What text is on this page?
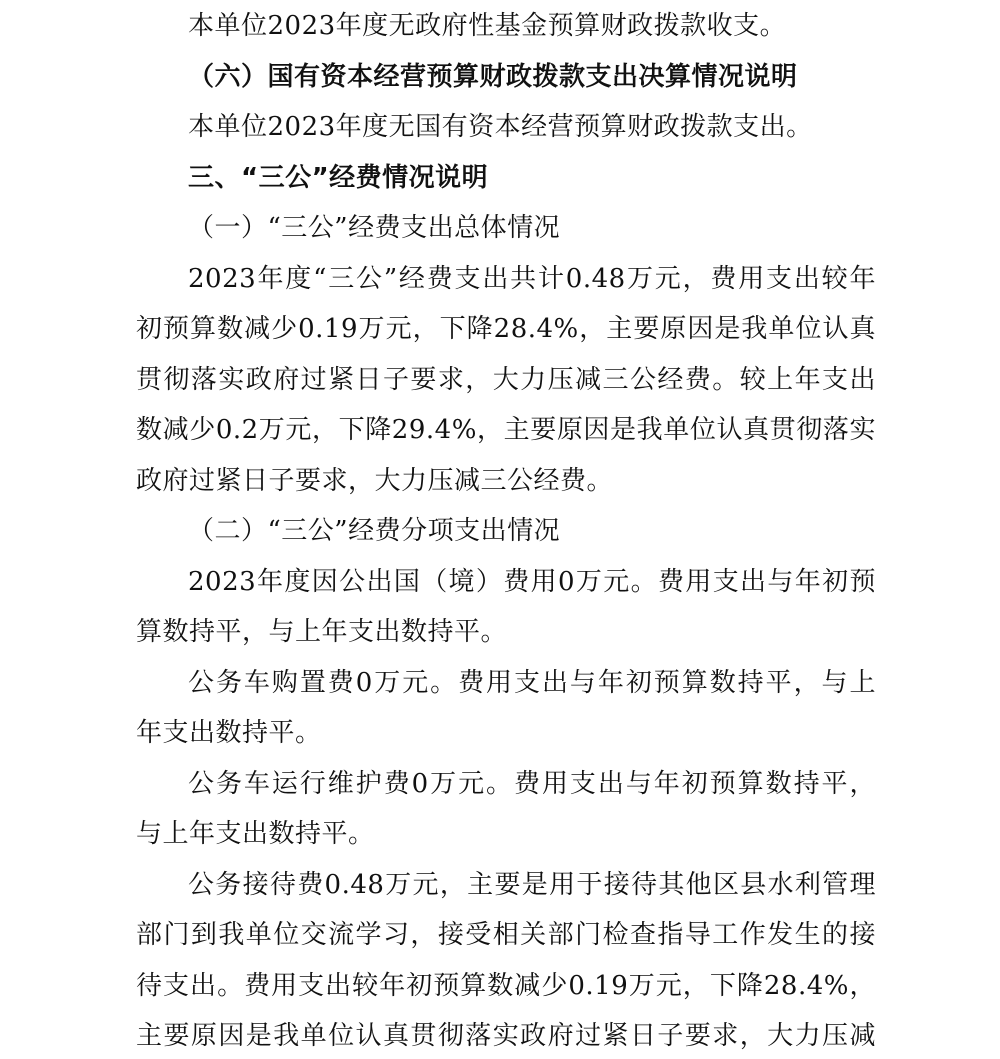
本单位2023年度无政府性基金预算财政拨款收支。
（六）国有资本经营预算财政拨款支出决算情况说明
本单位2023年度无国有资本经营预算财政拨款支出。
三、“三公”经费情况说明
（一）“三公”经费支出总体情况
2023年度“三公”经费支出共计0.48万元，费用支出较年
初预算数减少0.19万元，下降28.4%，主要原因是我单位认真
贯彻落实政府过紧日子要求，大力压减三公经费。较上年支出
数减少0.2万元，下降29.4%，主要原因是我单位认真贯彻落实
政府过紧日子要求，大力压减三公经费。
（二）“三公”经费分项支出情况
2023年度因公出国（境）费用0万元。费用支出与年初预
算数持平，与上年支出数持平。
公务车购置费0万元。费用支出与年初预算数持平，与上
年支出数持平。
公务车运行维护费0万元。费用支出与年初预算数持平，
与上年支出数持平。
公务接待费0.48万元，主要是用于接待其他区县水利管理
部门到我单位交流学习，接受相关部门检查指导工作发生的接
待支出。费用支出较年初预算数减少0.19万元，下降28.4%，
主要原因是我单位认真贯彻落实政府过紧日子要求，大力压减
